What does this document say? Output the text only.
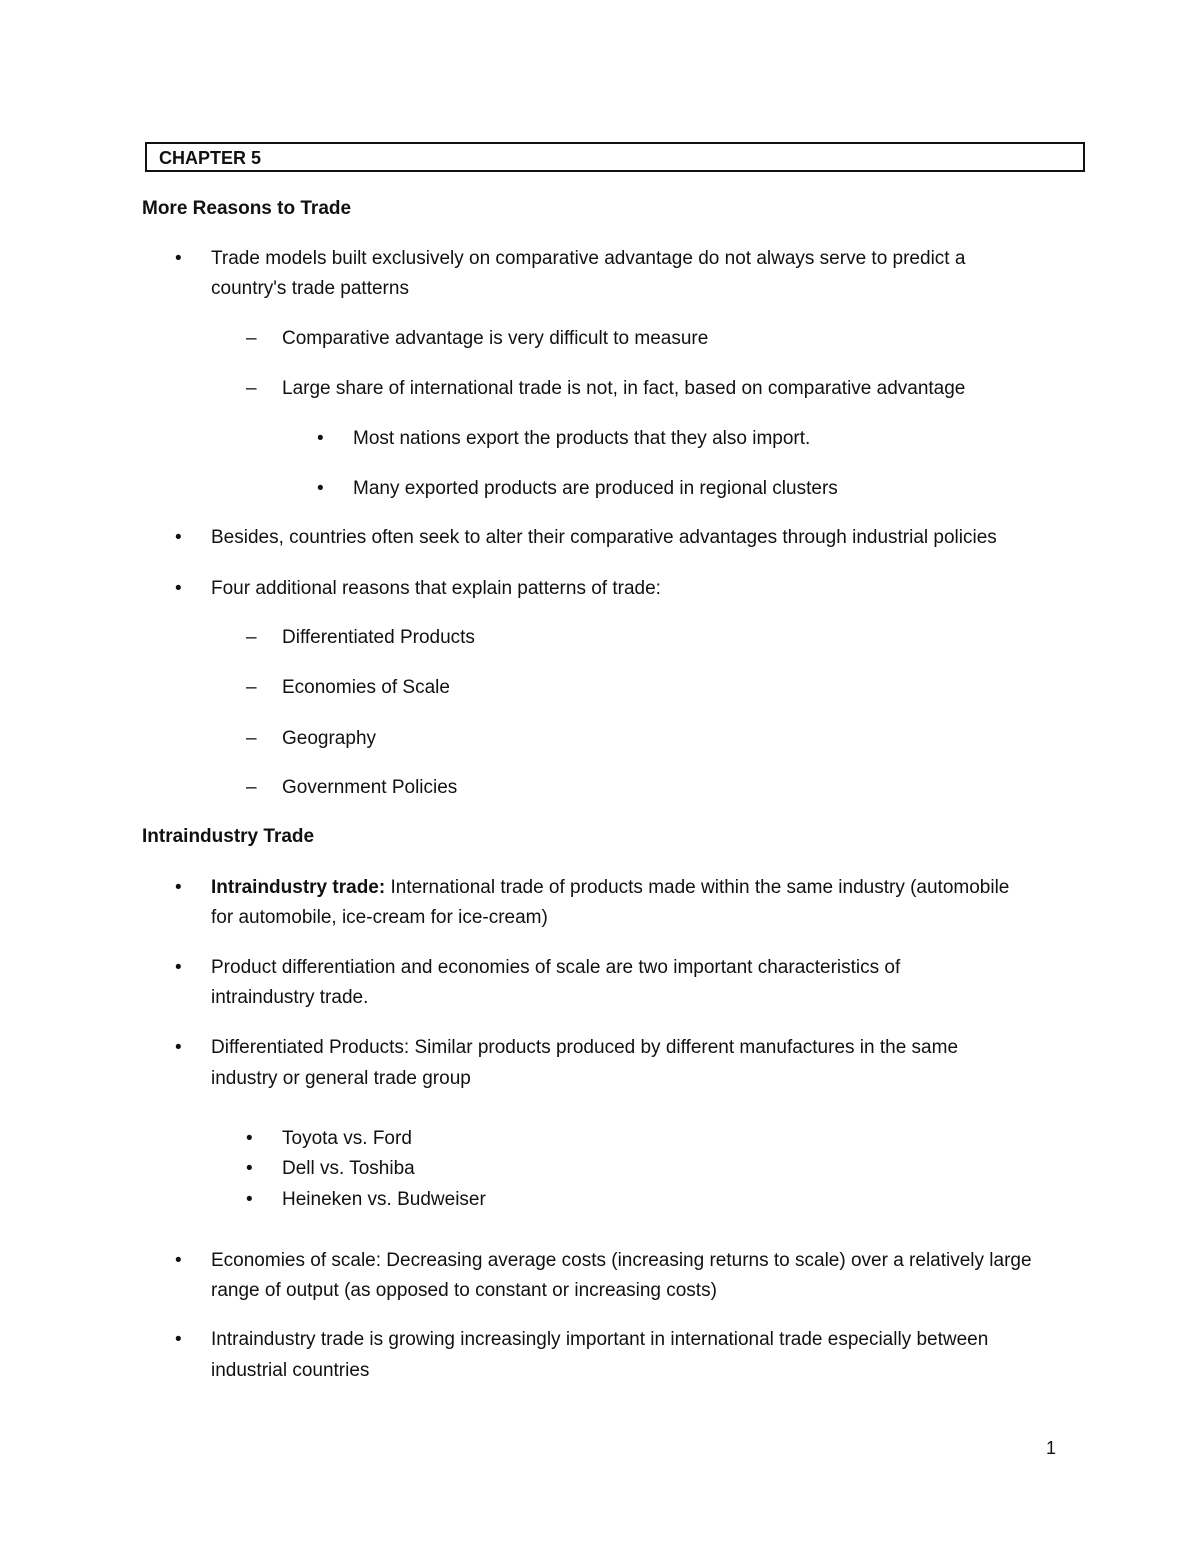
CHAPTER 5
More Reasons to Trade
• Trade models built exclusively on comparative advantage do not always serve to predict a
country's trade patterns
– Comparative advantage is very difficult to measure
– Large share of international trade is not, in fact, based on comparative advantage
• Most nations export the products that they also import.
• Many exported products are produced in regional clusters
• Besides, countries often seek to alter their comparative advantages through industrial policies
• Four additional reasons that explain patterns of trade:
– Differentiated Products
– Economies of Scale
– Geography
– Government Policies
Intraindustry Trade
• Intraindustry trade: International trade of products made within the same industry (automobile
for automobile, ice-cream for ice-cream)
• Product differentiation and economies of scale are two important characteristics of
intraindustry trade.
• Differentiated Products: Similar products produced by different manufactures in the same
industry or general trade group
• Toyota vs. Ford
• Dell vs. Toshiba
• Heineken vs. Budweiser
• Economies of scale: Decreasing average costs (increasing returns to scale) over a relatively large
range of output (as opposed to constant or increasing costs)
• Intraindustry trade is growing increasingly important in international trade especially between
industrial countries
1
